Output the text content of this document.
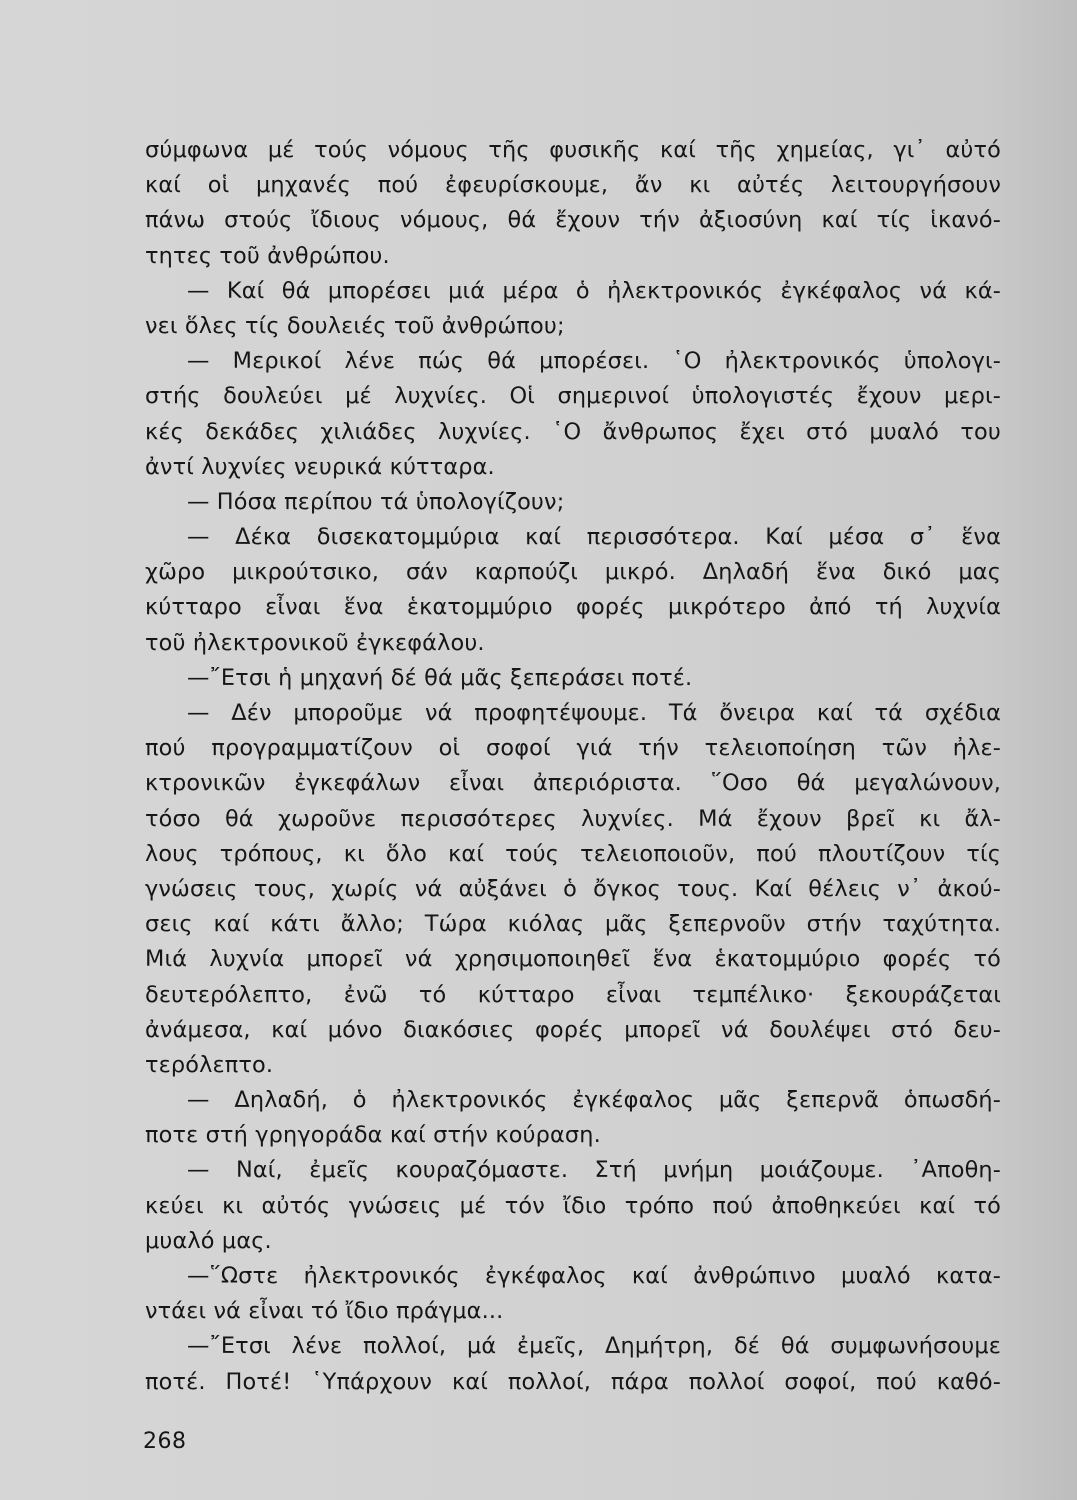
σύμφωνα μέ τούς νόμους τῆς φυσικῆς καί τῆς χημείας, γι᾽ αὐτό
καί οἱ μηχανές πού ἐφευρίσκουμε, ἄν κι αὐτές λειτουργήσουν
πάνω στούς ἴδιους νόμους, θά ἔχουν τήν ἀξιοσύνη καί τίς ἱκανό-
τητες τοῦ ἀνθρώπου.
— Καί θά μπορέσει μιά μέρα ὁ ἠλεκτρονικός ἐγκέφαλος νά κά-
νει ὅλες τίς δουλειές τοῦ ἀνθρώπου;
— Μερικοί λένε πώς θά μπορέσει. ῾Ο ἠλεκτρονικός ὑπολογι-
στής δουλεύει μέ λυχνίες. Οἱ σημερινοί ὑπολογιστές ἔχουν μερι-
κές δεκάδες χιλιάδες λυχνίες. ῾Ο ἄνθρωπος ἔχει στό μυαλό του
ἀντί λυχνίες νευρικά κύτταρα.
— Πόσα περίπου τά ὑπολογίζουν;
— Δέκα δισεκατομμύρια καί περισσότερα. Καί μέσα σ᾽ ἕνα
χῶρο μικρούτσικο, σάν καρπούζι μικρό. Δηλαδή ἕνα δικό μας
κύτταρο εἶναι ἕνα ἑκατομμύριο φορές μικρότερο ἀπό τή λυχνία
τοῦ ἠλεκτρονικοῦ ἐγκεφάλου.
—῎Ετσι ἡ μηχανή δέ θά μᾶς ξεπεράσει ποτέ.
— Δέν μποροῦμε νά προφητέψουμε. Τά ὄνειρα καί τά σχέδια
πού προγραμματίζουν οἱ σοφοί γιά τήν τελειοποίηση τῶν ἠλε-
κτρονικῶν ἐγκεφάλων εἶναι ἀπεριόριστα. ῞Οσο θά μεγαλώνουν,
τόσο θά χωροῦνε περισσότερες λυχνίες. Μά ἔχουν βρεῖ κι ἄλ-
λους τρόπους, κι ὅλο καί τούς τελειοποιοῦν, πού πλουτίζουν τίς
γνώσεις τους, χωρίς νά αὐξάνει ὁ ὄγκος τους. Καί θέλεις ν᾽ ἀκού-
σεις καί κάτι ἄλλο; Τώρα κιόλας μᾶς ξεπερνοῦν στήν ταχύτητα.
Μιά λυχνία μπορεῖ νά χρησιμοποιηθεῖ ἕνα ἑκατομμύριο φορές τό
δευτερόλεπτο, ἐνῶ τό κύτταρο εἶναι τεμπέλικο· ξεκουράζεται
ἀνάμεσα, καί μόνο διακόσιες φορές μπορεῖ νά δουλέψει στό δευ-
τερόλεπτο.
— Δηλαδή, ὁ ἠλεκτρονικός ἐγκέφαλος μᾶς ξεπερνᾶ ὁπωσδή-
ποτε στή γρηγοράδα καί στήν κούραση.
— Ναί, ἐμεῖς κουραζόμαστε. Στή μνήμη μοιάζουμε. ᾿Αποθη-
κεύει κι αὐτός γνώσεις μέ τόν ἴδιο τρόπο πού ἀποθηκεύει καί τό
μυαλό μας.
—῞Ωστε ἠλεκτρονικός ἐγκέφαλος καί ἀνθρώπινο μυαλό κατα-
ντάει νά εἶναι τό ἴδιο πράγμα...
—῎Ετσι λένε πολλοί, μά ἐμεῖς, Δημήτρη, δέ θά συμφωνήσουμε
ποτέ. Ποτέ! ῾Υπάρχουν καί πολλοί, πάρα πολλοί σοφοί, πού καθό-
268
